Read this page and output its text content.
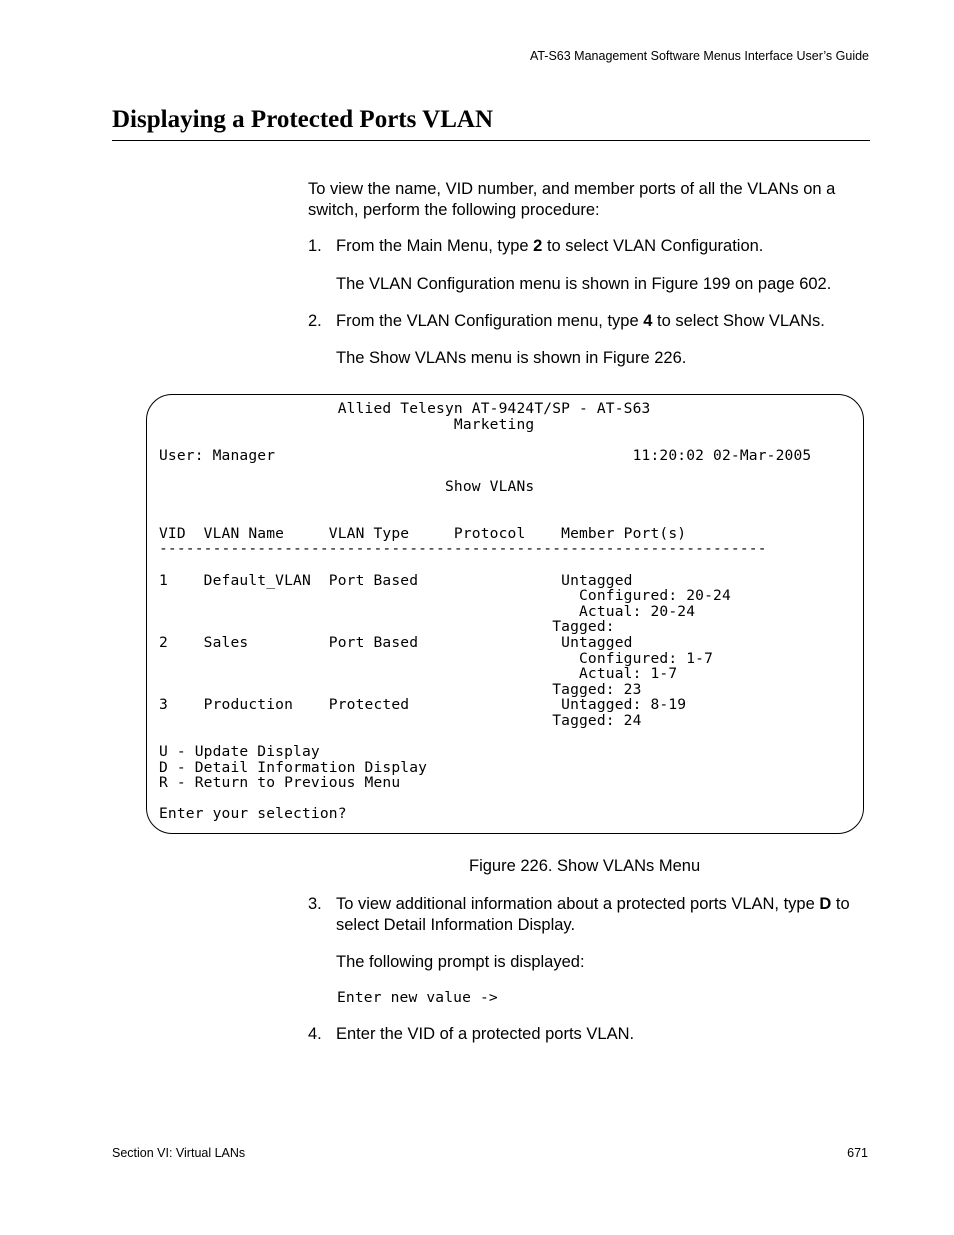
AT-S63 Management Software Menus Interface User’s Guide
Displaying a Protected Ports VLAN
To view the name, VID number, and member ports of all the VLANs on a switch, perform the following procedure:
1. From the Main Menu, type 2 to select VLAN Configuration.
The VLAN Configuration menu is shown in Figure 199 on page 602.
2. From the VLAN Configuration menu, type 4 to select Show VLANs.
The Show VLANs menu is shown in Figure 226.
Allied Telesyn AT-9424T/SP - AT-S63
Marketing

User: Manager                                        11:20:02 02-Mar-2005

Show VLANs

VID  VLAN Name     VLAN Type     Protocol    Member Port(s)
--------------------------------------------------------------------

1    Default_VLAN  Port Based                Untagged
Configured: 20-24
Actual: 20-24
Tagged:
2    Sales         Port Based                Untagged
Configured: 1-7
Actual: 1-7
Tagged: 23
3    Production    Protected                 Untagged: 8-19
Tagged: 24

U - Update Display
D - Detail Information Display
R - Return to Previous Menu

Enter your selection?
Figure 226. Show VLANs Menu
3. To view additional information about a protected ports VLAN, type D to select Detail Information Display.
The following prompt is displayed:
Enter new value ->
4. Enter the VID of a protected ports VLAN.
Section VI: Virtual LANs	671
